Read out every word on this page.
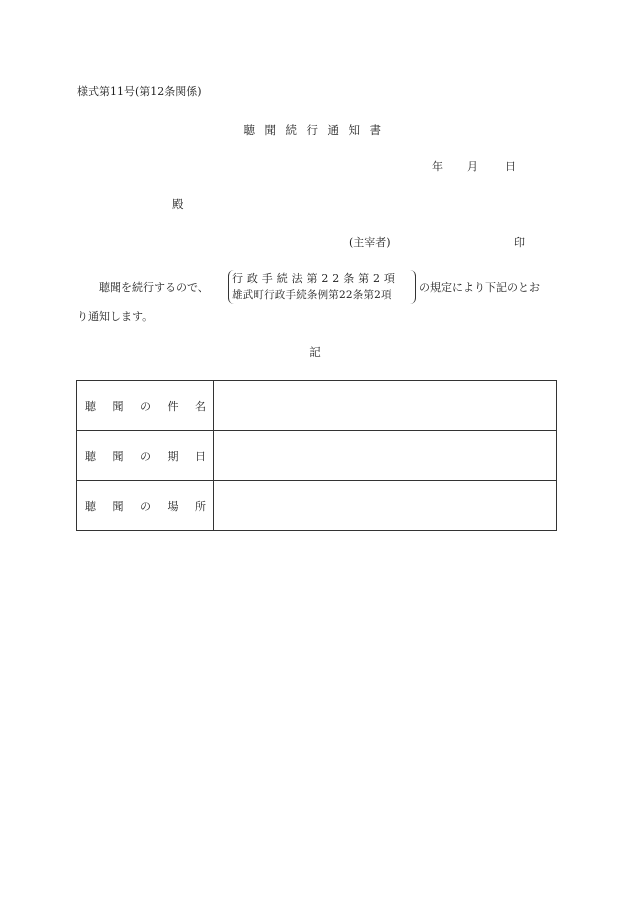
様式第11号(第12条関係)
聴聞続行通知書
年 月 日
殿
(主宰者)	印
聴聞を続行するので、
行政手続法第22条第2項
雄武町行政手続条例第22条第2項
の規定により下記のとお
り通知します。
記
聴 聞 の 件 名	

聴 聞 の 期 日	

聴 聞 の 場 所	
